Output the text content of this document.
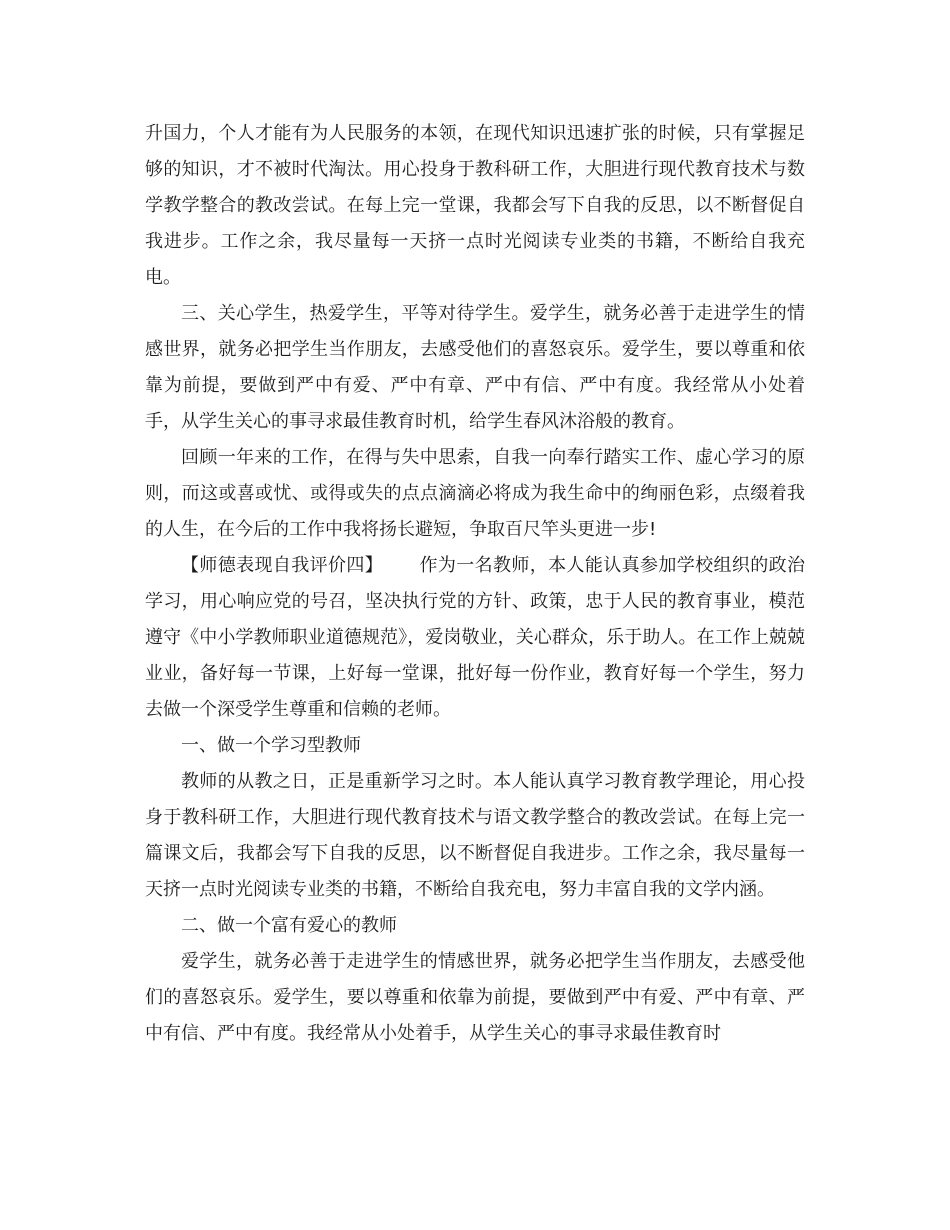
升国力，个人才能有为人民服务的本领，在现代知识迅速扩张的时候，只有掌握足够的知识，才不被时代淘汰。用心投身于教科研工作，大胆进行现代教育技术与数学教学整合的教改尝试。在每上完一堂课，我都会写下自我的反思，以不断督促自我进步。工作之余，我尽量每一天挤一点时光阅读专业类的书籍，不断给自我充电。

三、关心学生，热爱学生，平等对待学生。爱学生，就务必善于走进学生的情感世界，就务必把学生当作朋友，去感受他们的喜怒哀乐。爱学生，要以尊重和依靠为前提，要做到严中有爱、严中有章、严中有信、严中有度。我经常从小处着手，从学生关心的事寻求最佳教育时机，给学生春风沐浴般的教育。

回顾一年来的工作，在得与失中思索，自我一向奉行踏实工作、虚心学习的原则，而这或喜或忧、或得或失的点点滴滴必将成为我生命中的绚丽色彩，点缀着我的人生，在今后的工作中我将扬长避短，争取百尺竿头更进一步!

【师德表现自我评价四】 作为一名教师，本人能认真参加学校组织的政治学习，用心响应党的号召，坚决执行党的方针、政策，忠于人民的教育事业，模范遵守《中小学教师职业道德规范》，爱岗敬业，关心群众，乐于助人。在工作上兢兢业业，备好每一节课，上好每一堂课，批好每一份作业，教育好每一个学生，努力去做一个深受学生尊重和信赖的老师。

一、做一个学习型教师

教师的从教之日，正是重新学习之时。本人能认真学习教育教学理论，用心投身于教科研工作，大胆进行现代教育技术与语文教学整合的教改尝试。在每上完一篇课文后，我都会写下自我的反思，以不断督促自我进步。工作之余，我尽量每一天挤一点时光阅读专业类的书籍，不断给自我充电，努力丰富自我的文学内涵。

二、做一个富有爱心的教师

爱学生，就务必善于走进学生的情感世界，就务必把学生当作朋友，去感受他们的喜怒哀乐。爱学生，要以尊重和依靠为前提，要做到严中有爱、严中有章、严中有信、严中有度。我经常从小处着手，从学生关心的事寻求最佳教育时
